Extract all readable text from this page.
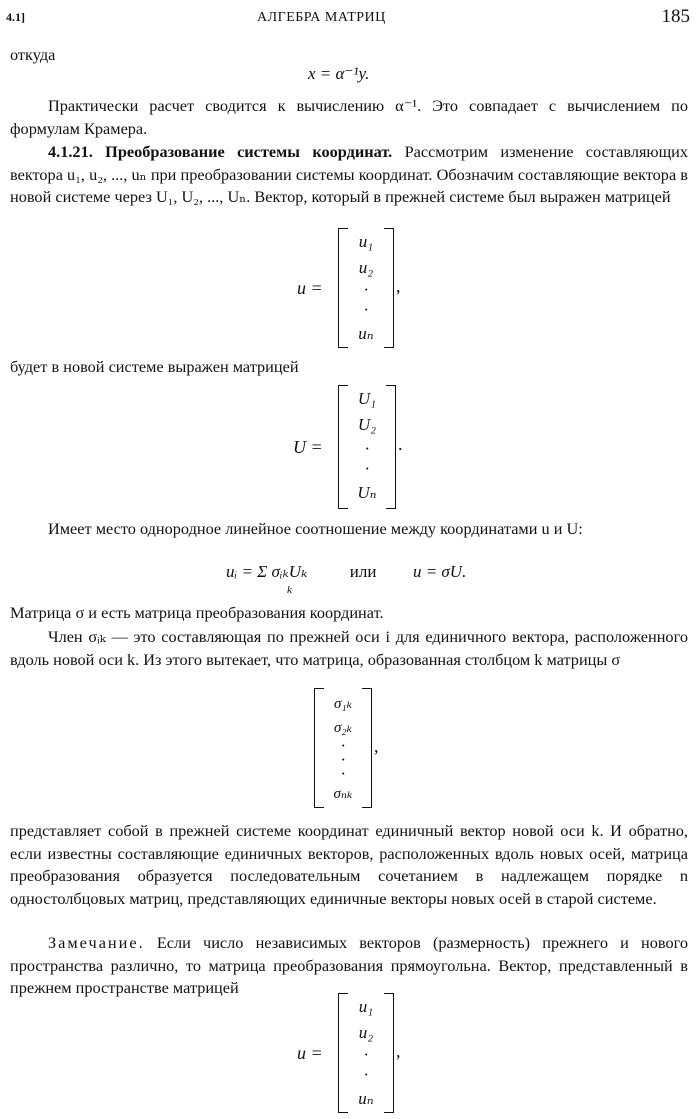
4.1]	АЛГЕБРА МАТРИЦ	185
откуда
x = α⁻¹y.
Практически расчет сводится к вычислению α⁻¹. Это совпадает с вычислением по формулам Крамера.
4.1.21. Преобразование системы координат. Рассмотрим изменение составляющих вектора u₁, u₂, ..., uₙ при преобразовании системы координат. Обозначим составляющие вектора в новой системе через U₁, U₂, ..., Uₙ. Вектор, который в прежней системе был выражен матрицей
u =
u₁
u₂
·
·
uₙ
,
будет в новой системе выражен матрицей
U =
U₁
U₂
·
·
Uₙ
.
Имеет место однородное линейное соотношение между координатами u и U:
uᵢ = Σ σᵢₖUₖ	или u = σU.
k
Матрица σ и есть матрица преобразования координат.
Член σᵢₖ — это составляющая по прежней оси i для единичного вектора, расположенного вдоль новой оси k. Из этого вытекает, что матрица, образованная столбцом k матрицы σ
σ₁ₖ
σ₂ₖ
·
·
·
σₙₖ
,
представляет собой в прежней системе координат единичный вектор новой оси k. И обратно, если известны составляющие единичных векторов, расположенных вдоль новых осей, матрица преобразования образуется последовательным сочетанием в надлежащем порядке n одностолбцовых матриц, представляющих единичные векторы новых осей в старой системе.
Замечание. Если число независимых векторов (размерность) прежнего и нового пространства различно, то матрица преобразования прямоугольна. Вектор, представленный в прежнем пространстве матрицей
u =
u₁
u₂
·
·
uₙ
,
